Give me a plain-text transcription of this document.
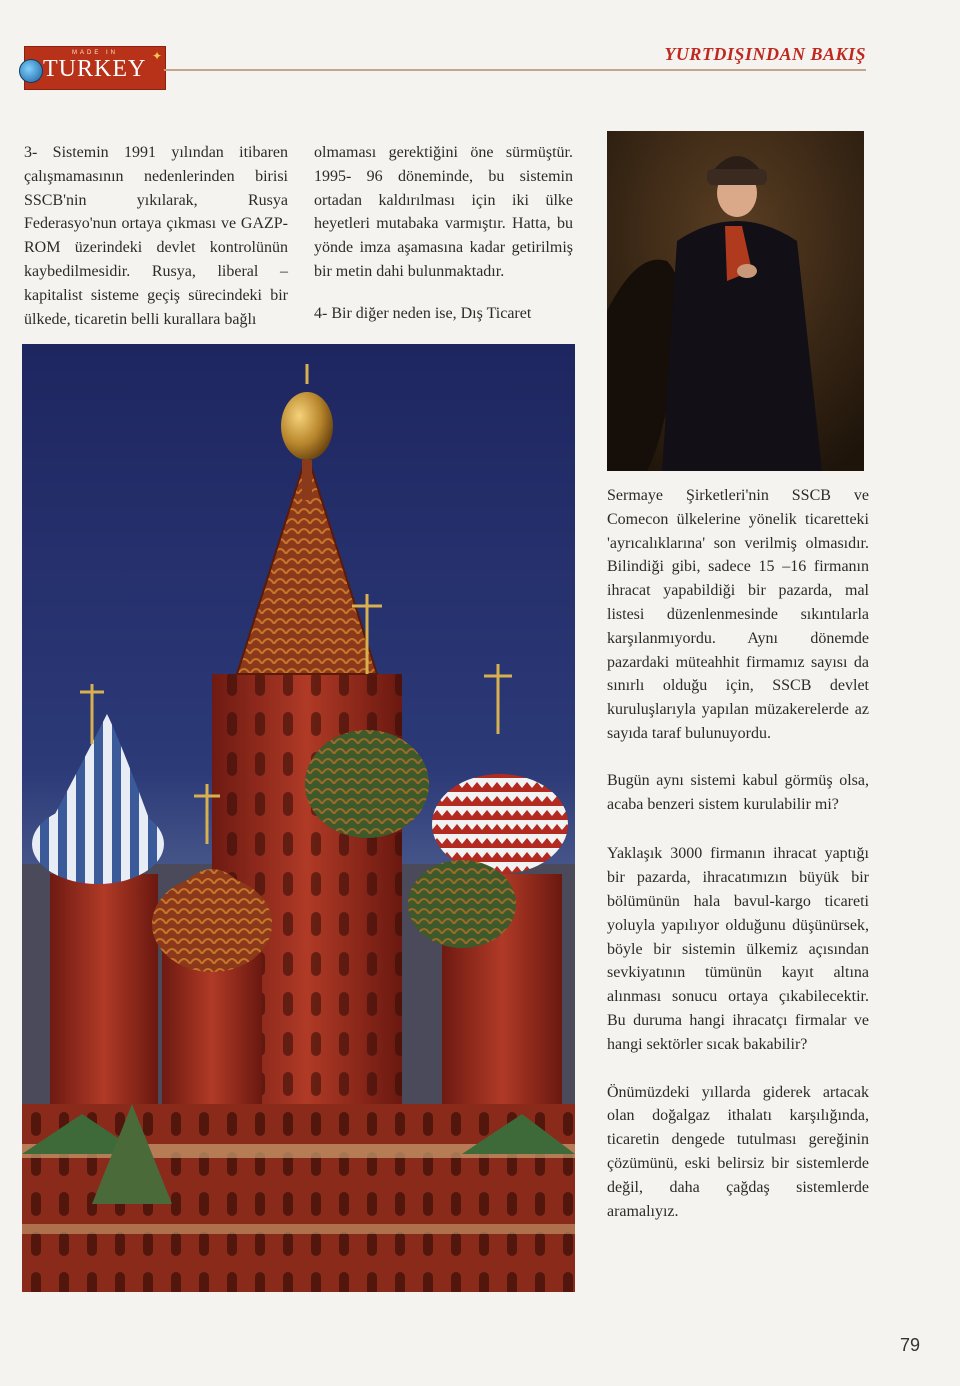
MADE IN
TURKEY ✦	YURTDIŞINDAN BAKIŞ

3- Sistemin 1991 yılından itibaren çalışmamasının nedenlerinden birisi SSCB'nin yıkılarak, Rusya Federasyo'nun ortaya çıkması ve GAZP-ROM üzerindeki devlet kontrolünün kaybedilmesidir. Rusya, liberal – kapitalist sisteme geçiş sürecindeki bir ülkede, ticaretin belli kurallara bağlı

olmaması gerektiğini öne sürmüştür. 1995- 96 döneminde, bu sistemin ortadan kaldırılması için iki ülke heyetleri mutabaka varmıştır. Hatta, bu yönde imza aşamasına kadar getirilmiş bir metin dahi bulunmaktadır.

4- Bir diğer neden ise, Dış Ticaret

Sermaye Şirketleri'nin SSCB ve Comecon ülkelerine yönelik ticaretteki 'ayrıcalıklarına' son verilmiş olmasıdır. Bilindiği gibi, sadece 15 –16 firmanın ihracat yapabildiği bir pazarda, mal listesi düzenlenmesinde sıkıntılarla karşılanmıyordu. Aynı dönemde pazardaki müteahhit firmamız sayısı da sınırlı olduğu için, SSCB devlet kuruluşlarıyla yapılan müzakerelerde az sayıda taraf bulunuyordu.

Bugün aynı sistemi kabul görmüş olsa, acaba benzeri sistem kurulabilir mi?

Yaklaşık 3000 firmanın ihracat yaptığı bir pazarda, ihracatımızın büyük bir bölümünün hala bavul-kargo ticareti yoluyla yapılıyor olduğunu düşünürsek, böyle bir sistemin ülkemiz açısından sevkiyatının tümünün kayıt altına alınması sonucu ortaya çıkabilecektir. Bu duruma hangi ihracatçı firmalar ve hangi sektörler sıcak bakabilir?

Önümüzdeki yıllarda giderek artacak olan doğalgaz ithalatı karşılığında, ticaretin dengede tutulması gereğinin çözümünü, eski belirsiz bir sistemlerde değil, daha çağdaş sistemlerde aramalıyız.

79
